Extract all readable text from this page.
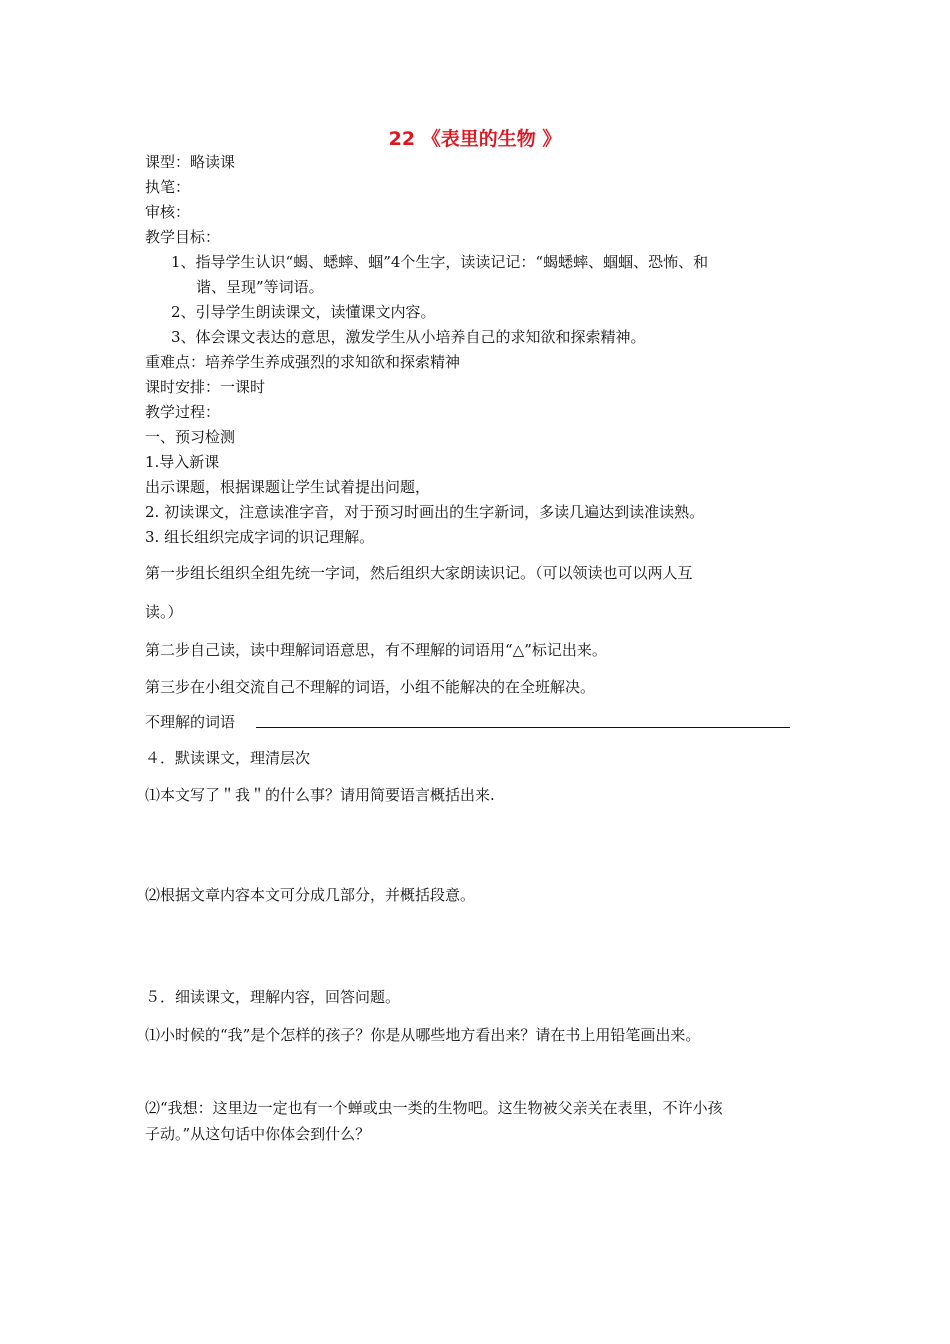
22 《表里的生物 》

课型：略读课

执笔：

审核：

教学目标：

1、指导学生认识“蝎、蟋蟀、蝈”4个生字，读读记记：“蝎蟋蟀、蝈蝈、恐怖、和

谐、呈现”等词语。

2、引导学生朗读课文，读懂课文内容。

3、体会课文表达的意思，激发学生从小培养自己的求知欲和探索精神。

重难点：培养学生养成强烈的求知欲和探索精神

课时安排：一课时

教学过程：

一、预习检测

1.导入新课

出示课题，根据课题让学生试着提出问题，

2. 初读课文，注意读准字音，对于预习时画出的生字新词，多读几遍达到读准读熟。

3. 组长组织完成字词的识记理解。

第一步组长组织全组先统一字词，然后组织大家朗读识记。（可以领读也可以两人互

读。）

第二步自己读，读中理解词语意思，有不理解的词语用“△”标记出来。

第三步在小组交流自己不理解的词语，小组不能解决的在全班解决。

不理解的词语

４．默读课文，理清层次

⑴本文写了＂我＂的什么事？请用简要语言概括出来.

⑵根据文章内容本文可分成几部分，并概括段意。

５．细读课文，理解内容，回答问题。

⑴小时候的“我”是个怎样的孩子？你是从哪些地方看出来？请在书上用铅笔画出来。

⑵“我想：这里边一定也有一个蝉或虫一类的生物吧。这生物被父亲关在表里，不许小孩

子动。”从这句话中你体会到什么？
